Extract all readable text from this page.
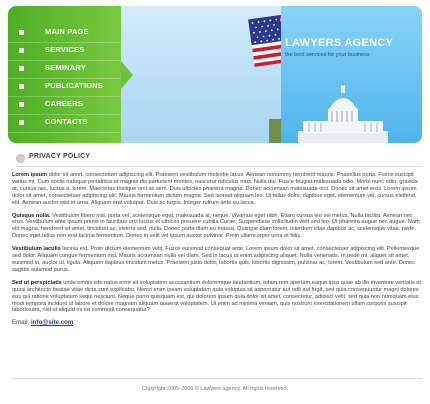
LAWYERS AGENCY
the best services for your business
MAIN PAGE
SERVICES
SEMINARY
PUBLICATIONS
CAREERS
CONTACTS
PRIVACY POLICY

Lorem ipsum dolor sit amet, consectetuer adipiscing elit. Praesent vestibulum molestie lacus. Aenean nonummy hendrerit mauris. Phasellus porta. Fusce suscipit varius mi. Cum sociis natoque penatibus et magnis dis parturient montes, nascetur ridiculus mus. Nulla dui. Fusce feugiat malesuada odio. Morbi nunc odio, gravida at, cursus nec, luctus a, lorem. Maecenas tristique orci ac sem. Duis ultricies pharetra magna. Donec accumsan malesuada orci. Donec sit amet eros. Lorem ipsum dolor sit amet, consectetuer adipiscing elit. Mauris fermentum dictum magna. Sed laoreet aliquam leo. Ut tellus dolor, dapibus eget, elementum vel, cursus eleifend, elit. Aenean auctor wisi et urna. Aliquam erat volutpat. Duis ac turpis. Integer rutrum ante eu lacus.

Quisque nulla. Vestibulum libero nisl, porta vel, scelerisque eget, malesuada at, neque. Vivamus eget nibh. Etiam cursus leo vel metus. Nulla facilisi. Aenean nec eros. Vestibulum ante ipsum primis in faucibus orci luctus et ultrices posuere cubilia Curae; Suspendisse sollicitudin velit sed leo. Ut pharetra augue nec augue. Nam elit magna, hendrerit sit amet, tincidunt ac, viverra sed, nulla. Donec porta diam eu massa. Quisque diam lorem, interdum vitae,dapibus ac, scelerisque vitae, pede. Donec eget tellus non erat lacinia fermentum. Donec in velit vel ipsum auctor pulvinar. Proin ullamcorper urna et felis.

Vestibulum iaculis lacinia est. Proin dictum elementum velit. Fusce euismod consequat ante. Lorem ipsum dolor sit amet, consectetuer adipiscing elit. Pellentesque sed dolor. Aliquam congue fermentum nisl. Mauris accumsan nulla vel diam. Sed in lacus ut enim adipiscing aliquet. Nulla venenatis. In pede mi, aliquet sit amet, euismod in, auctor ut, ligula. Aliquam dapibus tincidunt metus. Praesent justo dolor, lobortis quis, lobortis dignissim, pulvinar ac, lorem. Vestibulum sed ante. Donec sagittis euismod purus.

Sed ut perspiciatis unde omnis iste natus error sit voluptatem accusantium doloremque laudantium, totam rem aperiam,eaque ipsa quae ab illo inventore veritatis et quasi architecto beatae vitae dicta sunt explicabo. Nemo enim ipsam voluptatem quia voluptas sit aspernatur aut odit aut fugit, sed quia consequuntur magni dolores eos qui ratione voluptatem sequi nesciunt. Neque porro quisquam est, qui dolorem ipsum quia dolor sit amet, consectetur, adipisci velit, sed quia non numquam eius modi tempora incidunt ut labore et dolore magnam aliquam quaerat voluptatem. Ut enim ad minima veniam, quis nostrum exercitationem ullam corporis suscipit laboriosam, nisi ut aliquid ex ea commodi consequatur?

Email: info@site.com

Copyright 2005-2006 © Lawyers agency. All rights reserved.
